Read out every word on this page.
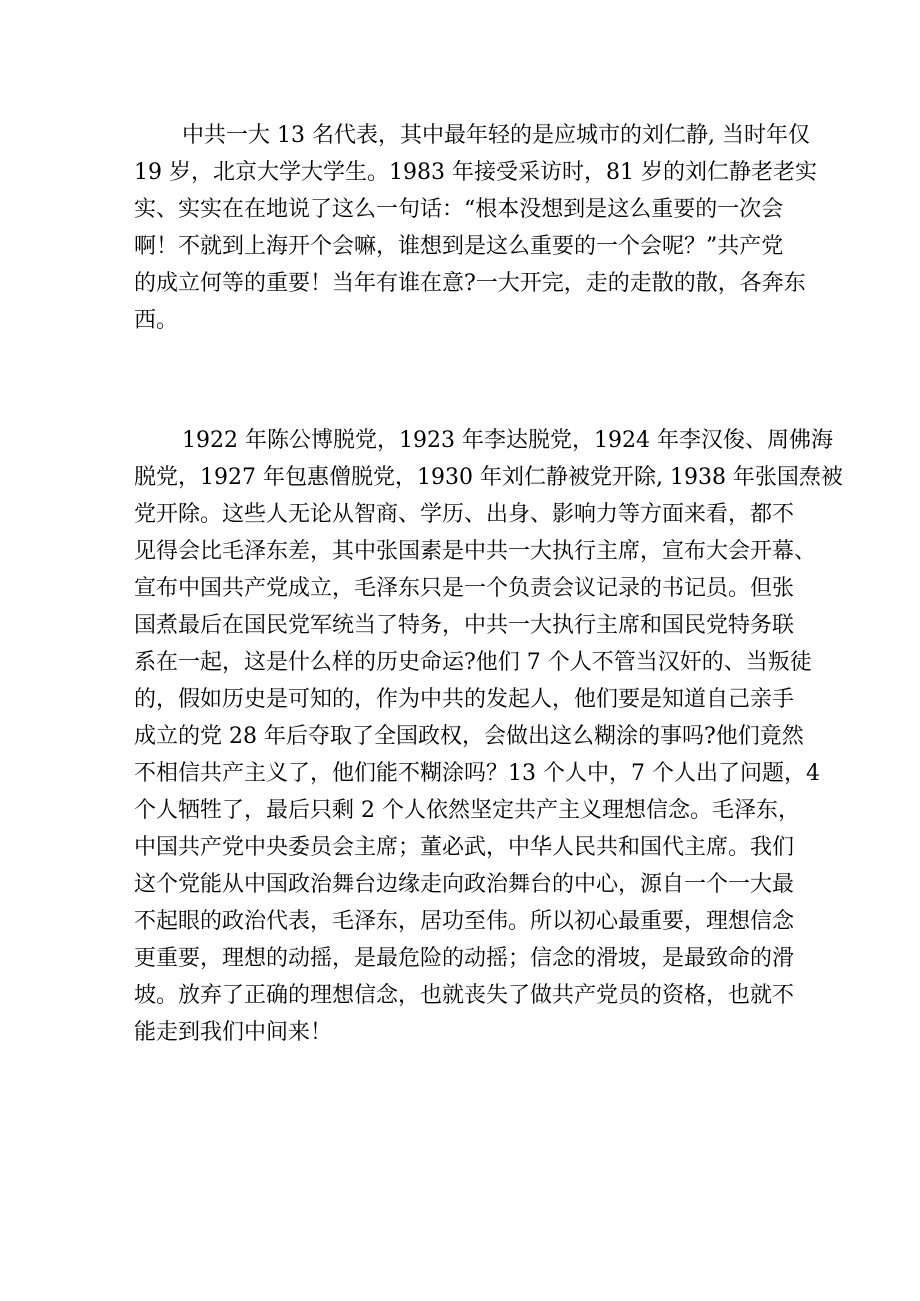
中共一大 13 名代表，其中最年轻的是应城市的刘仁静, 当时年仅
19 岁，北京大学大学生。1983 年接受采访时，81 岁的刘仁静老老实
实、实实在在地说了这么一句话：“根本没想到是这么重要的一次会
啊！不就到上海开个会嘛，谁想到是这么重要的一个会呢？”共产党
的成立何等的重要！当年有谁在意?一大开完，走的走散的散，各奔东
西。

1922 年陈公博脱党，1923 年李达脱党，1924 年李汉俊、周佛海
脱党，1927 年包惠僧脱党，1930 年刘仁静被党开除, 1938 年张国焘被
党开除。这些人无论从智商、学历、出身、影响力等方面来看，都不
见得会比毛泽东差，其中张国素是中共一大执行主席，宣布大会开幕、
宣布中国共产党成立，毛泽东只是一个负责会议记录的书记员。但张
国煮最后在国民党军统当了特务，中共一大执行主席和国民党特务联
系在一起，这是什么样的历史命运?他们 7 个人不管当汉奸的、当叛徒
的，假如历史是可知的，作为中共的发起人，他们要是知道自己亲手
成立的党 28 年后夺取了全国政权，会做出这么糊涂的事吗?他们竟然
不相信共产主义了，他们能不糊涂吗？13 个人中，7 个人出了问题，4
个人牺牲了，最后只剩 2 个人依然坚定共产主义理想信念。毛泽东，
中国共产党中央委员会主席；董必武，中华人民共和国代主席。我们
这个党能从中国政治舞台边缘走向政治舞台的中心，源自一个一大最
不起眼的政治代表，毛泽东，居功至伟。所以初心最重要，理想信念
更重要，理想的动摇，是最危险的动摇；信念的滑坡，是最致命的滑
坡。放弃了正确的理想信念，也就丧失了做共产党员的资格，也就不
能走到我们中间来！
